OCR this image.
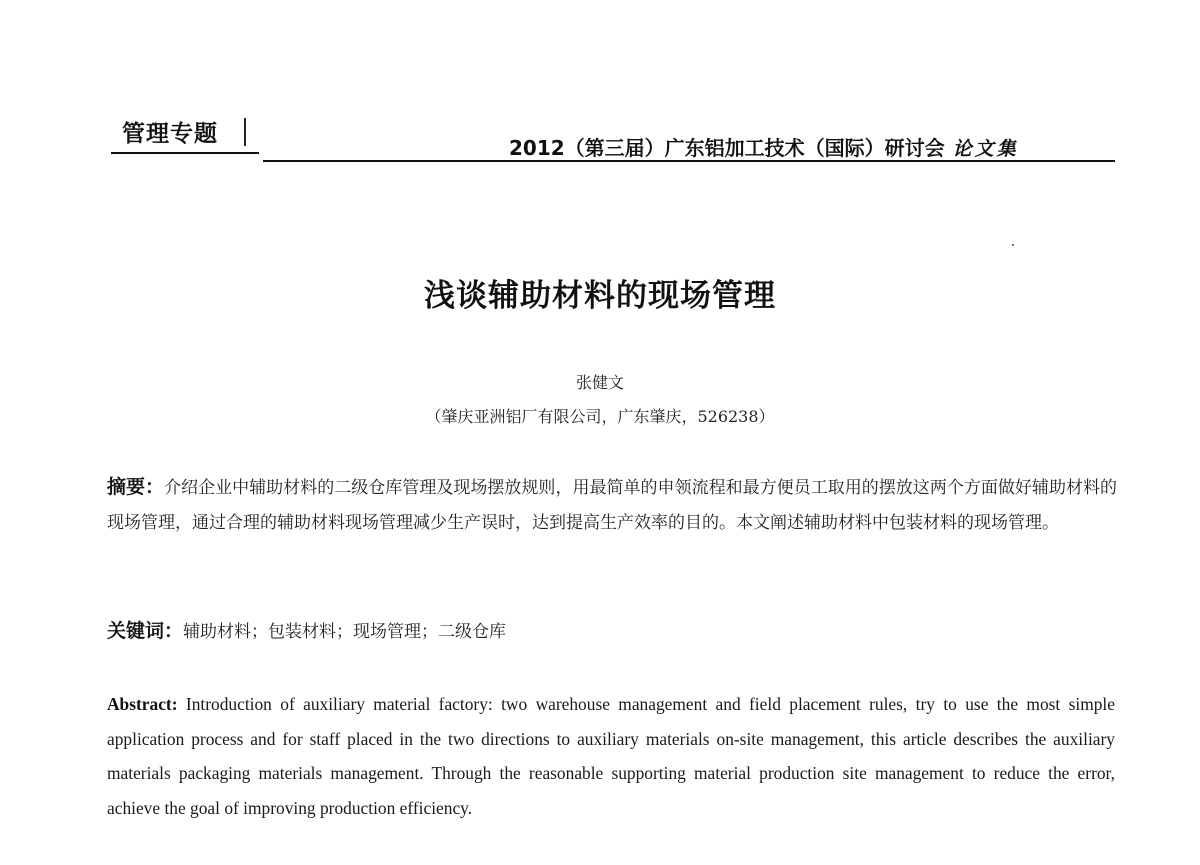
管理专题
2012（第三届）广东铝加工技术（国际）研讨会 论文集
浅谈辅助材料的现场管理
张健文
（肇庆亚洲铝厂有限公司，广东肇庆，526238）
摘要：介绍企业中辅助材料的二级仓库管理及现场摆放规则，用最简单的申领流程和最方便员工取用的摆放这两个方面做好辅助材料的现场管理，通过合理的辅助材料现场管理减少生产误时，达到提高生产效率的目的。本文阐述辅助材料中包装材料的现场管理。
关键词：辅助材料；包装材料；现场管理；二级仓库
Abstract: Introduction of auxiliary material factory: two warehouse management and field placement rules, try to use the most simple application process and for staff placed in the two directions to auxiliary materials on-site management, this article describes the auxiliary materials packaging materials management. Through the reasonable supporting material production site management to reduce the error, achieve the goal of improving production efficiency.
